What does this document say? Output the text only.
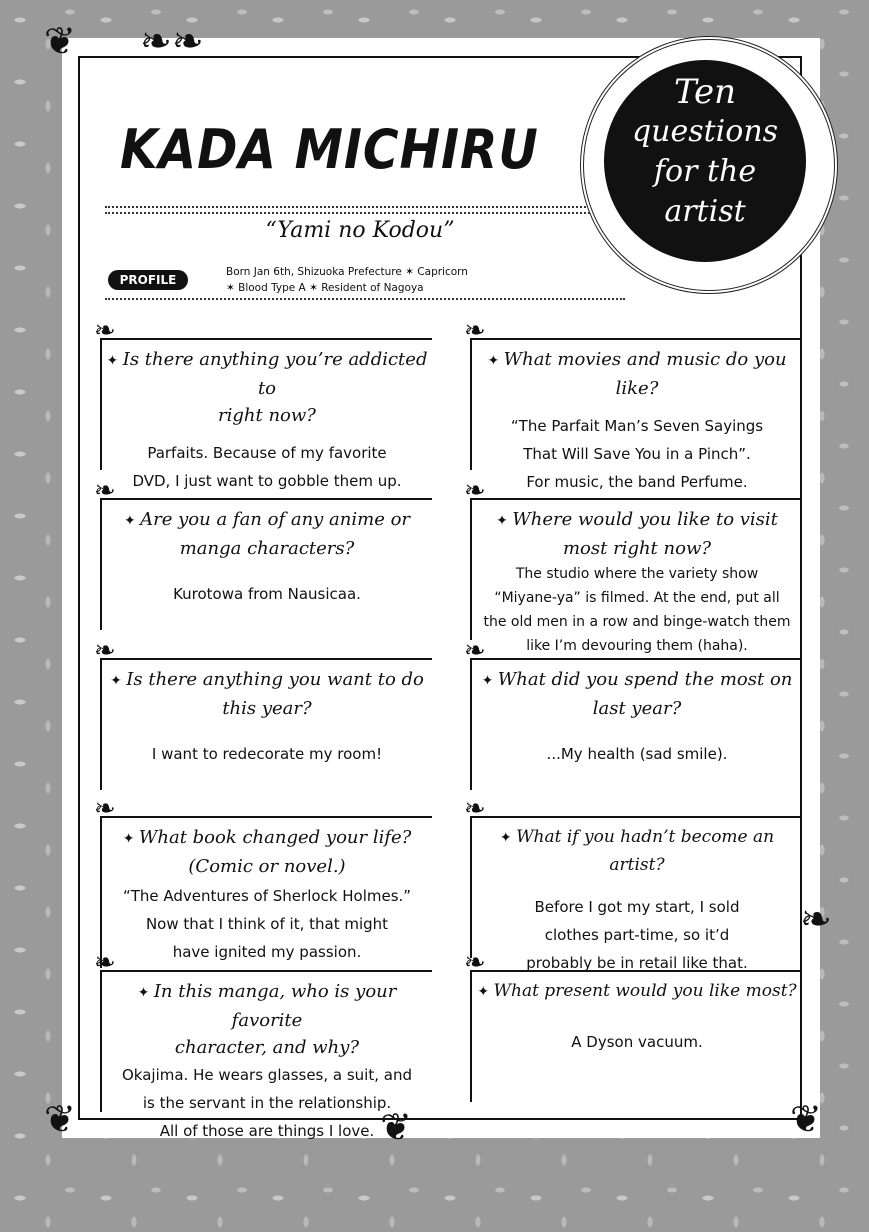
❦ ❧❧
❦	❦
❧
❦
KADA MICHIRU
“Yami no Kodou”
PROFILE
Born Jan 6th, Shizuoka Prefecture ✶ Capricorn
✶ Blood Type A ✶ Resident of Nagoya
Ten
questions
for the
artist
❧
✦ Is there anything you’re addicted to
right now?
Parfaits. Because of my favorite
DVD, I just want to gobble them up.
❧
✦ What movies and music do you like?
“The Parfait Man’s Seven Sayings
That Will Save You in a Pinch”.
For music, the band Perfume.
❧
✦ Are you a fan of any anime or
manga characters?
Kurotowa from Nausicaa.
❧
✦ Where would you like to visit
most right now?
The studio where the variety show
“Miyane-ya” is filmed. At the end, put all
the old men in a row and binge-watch them
like I’m devouring them (haha).
❧
✦ Is there anything you want to do
this year?
I want to redecorate my room!
❧
✦ What did you spend the most on
last year?
...My health (sad smile).
❧
✦ What book changed your life?
(Comic or novel.)
“The Adventures of Sherlock Holmes.”
Now that I think of it, that might
have ignited my passion.
❧
✦ What if you hadn’t become an artist?
Before I got my start, I sold
clothes part-time, so it’d
probably be in retail like that.
❧
✦ In this manga, who is your favorite
character, and why?
Okajima. He wears glasses, a suit, and
is the servant in the relationship.
All of those are things I love.
❧
✦ What present would you like most?
A Dyson vacuum.
